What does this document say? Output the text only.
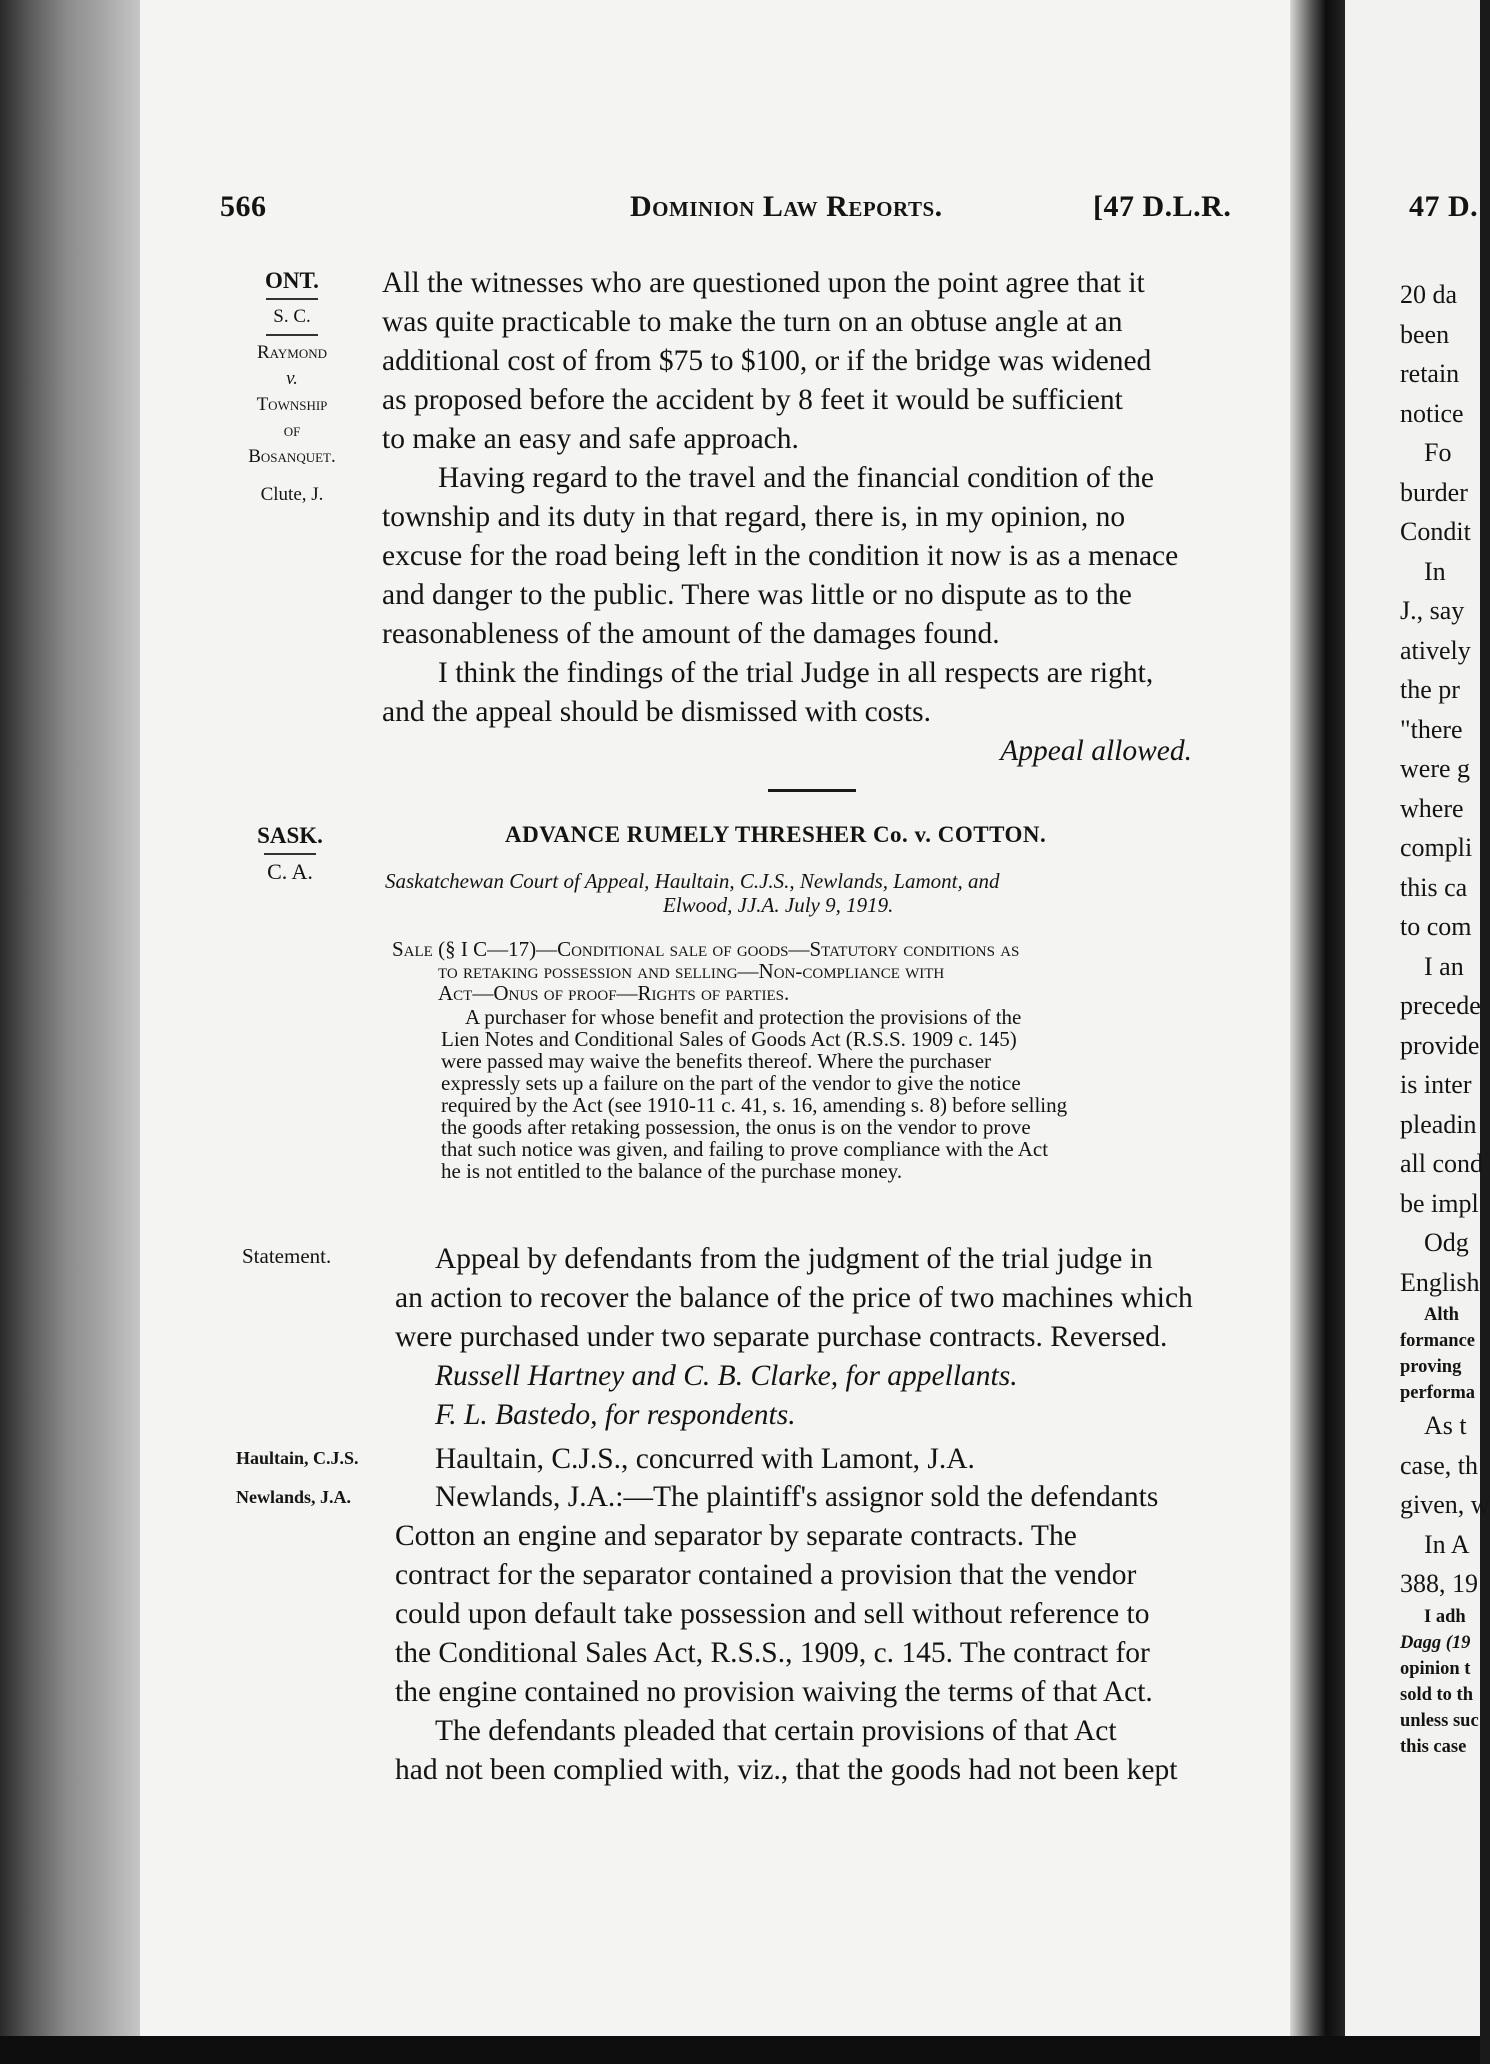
566	Dominion Law Reports.	[47 D.L.R.
ONT.
S. C.
Raymond
v.
Township
of
Bosanquet.
Clute, J.
All the witnesses who are questioned upon the point agree that it
was quite practicable to make the turn on an obtuse angle at an
additional cost of from $75 to $100, or if the bridge was widened
as proposed before the accident by 8 feet it would be sufficient
to make an easy and safe approach.
Having regard to the travel and the financial condition of the
township and its duty in that regard, there is, in my opinion, no
excuse for the road being left in the condition it now is as a menace
and danger to the public. There was little or no dispute as to the
reasonableness of the amount of the damages found.
I think the findings of the trial Judge in all respects are right,
and the appeal should be dismissed with costs.
Appeal allowed.
SASK.
C. A.
ADVANCE RUMELY THRESHER Co. v. COTTON.
Saskatchewan Court of Appeal, Haultain, C.J.S., Newlands, Lamont, and
Elwood, JJ.A. July 9, 1919.
Sale (§ I C—17)—Conditional sale of goods—Statutory conditions as
to retaking possession and selling—Non-compliance with
Act—Onus of proof—Rights of parties.
A purchaser for whose benefit and protection the provisions of the
Lien Notes and Conditional Sales of Goods Act (R.S.S. 1909 c. 145)
were passed may waive the benefits thereof. Where the purchaser
expressly sets up a failure on the part of the vendor to give the notice
required by the Act (see 1910-11 c. 41, s. 16, amending s. 8) before selling
the goods after retaking possession, the onus is on the vendor to prove
that such notice was given, and failing to prove compliance with the Act
he is not entitled to the balance of the purchase money.
Statement.	Appeal by defendants from the judgment of the trial judge in
an action to recover the balance of the price of two machines which
were purchased under two separate purchase contracts. Reversed.
Russell Hartney and C. B. Clarke, for appellants.
F. L. Bastedo, for respondents.
Haultain, C.J.S.	Haultain, C.J.S., concurred with Lamont, J.A.
Newlands, J.A.	Newlands, J.A.:—The plaintiff's assignor sold the defendants
Cotton an engine and separator by separate contracts. The
contract for the separator contained a provision that the vendor
could upon default take possession and sell without reference to
the Conditional Sales Act, R.S.S., 1909, c. 145. The contract for
the engine contained no provision waiving the terms of that Act.
The defendants pleaded that certain provisions of that Act
had not been complied with, viz., that the goods had not been kept
47 D.
20 da
been
retain
notice
Fo
burder
Condit
In
J., say
atively
the pr
"there
were g
where
compli
this ca
to com
I an
precede
provide
is inter
pleadin
all cond
be impl
Odg
English
Alth
formance
proving
performa
As t
case, th
given, w
In A
388, 19
I adh
Dagg (19
opinion t
sold to th
unless suc
this case
